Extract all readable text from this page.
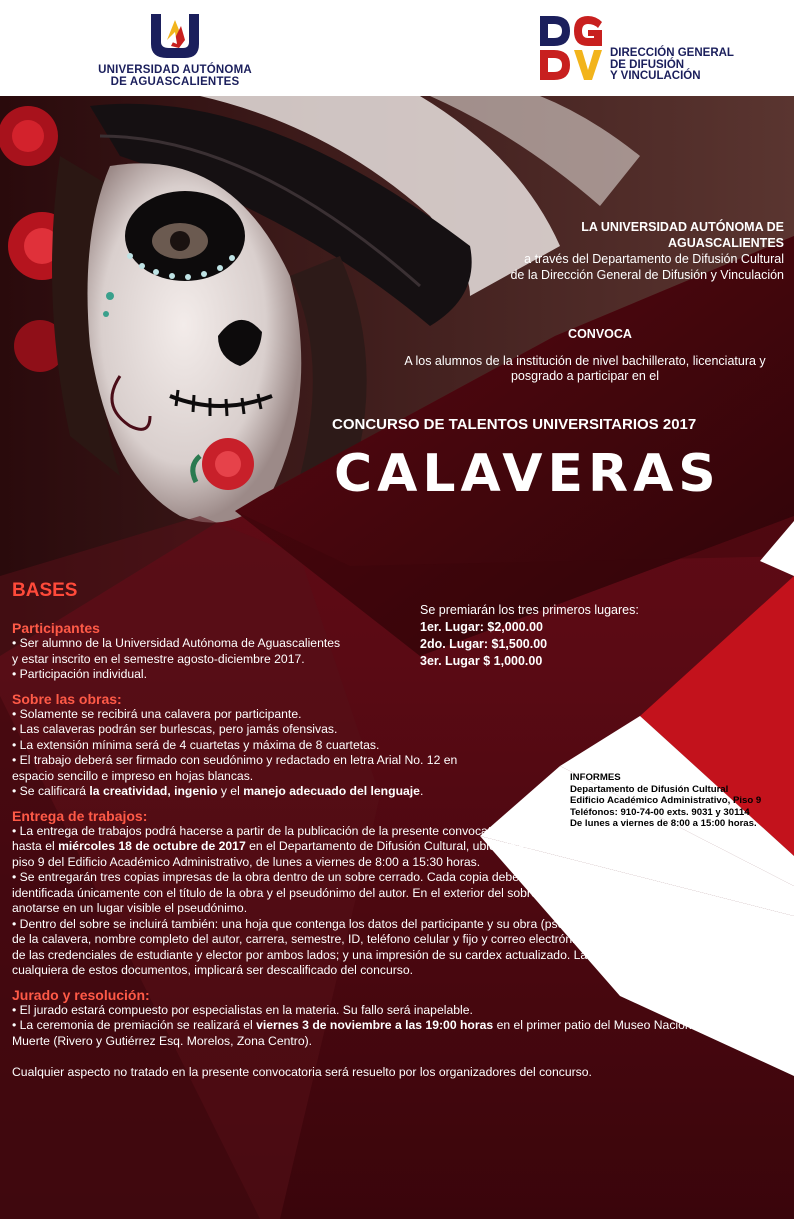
UNIVERSIDAD AUTÓNOMA
DE AGUASCALIENTES
DIRECCIÓN GENERAL
DE DIFUSIÓN
Y VINCULACIÓN
LA UNIVERSIDAD AUTÓNOMA DE
AGUASCALIENTES
a través del Departamento de Difusión Cultural
de la Dirección General de Difusión y Vinculación
CONVOCA
A los alumnos de la institución de nivel bachillerato, licenciatura y
posgrado a participar en el
CONCURSO DE TALENTOS UNIVERSITARIOS 2017
CALAVERAS
Se premiarán los tres primeros lugares:
1er. Lugar: $2,000.00
2do. Lugar: $1,500.00
3er. Lugar $ 1,000.00
INFORMES
Departamento de Difusión Cultural
Edificio Académico Administrativo, Piso 9
Teléfonos: 910-74-00 exts. 9031 y 30114
De lunes a viernes de 8:00 a 15:00 horas.
BASES
Participantes

• Ser alumno de la Universidad Autónoma de Aguascalientes

y estar inscrito en el semestre agosto-diciembre 2017.

• Participación individual.

Sobre las obras:

• Solamente se recibirá una calavera por participante.

• Las calaveras podrán ser burlescas, pero jamás ofensivas.

• La extensión mínima será de 4 cuartetas y máxima de 8 cuartetas.

• El trabajo deberá ser firmado con seudónimo y redactado en letra Arial No. 12 en

espacio sencillo e impreso en hojas blancas.

• Se calificará la creatividad, ingenio y el manejo adecuado del lenguaje.

Entrega de trabajos:

• La entrega de trabajos podrá hacerse a partir de la publicación de la presente convocatoria y

hasta el miércoles 18 de octubre de 2017 en el Departamento de Difusión Cultural, ubicado en el

piso 9 del Edificio Académico Administrativo, de lunes a viernes de 8:00 a 15:30 horas.

• Se entregarán tres copias impresas de la obra dentro de un sobre cerrado. Cada copia debe estar

identificada únicamente con el título de la obra y el pseudónimo del autor. En el exterior del sobre deberá

anotarse en un lugar visible el pseudónimo.

• Dentro del sobre se incluirá también: una hoja que contenga los datos del participante y su obra (pseudónimo, título

de la calavera, nombre completo del autor, carrera, semestre, ID, teléfono celular y fijo y correo electrónico); una copia

de las credenciales de estudiante y elector por ambos lados; y una impresión de su cardex actualizado. La ausencia de

cualquiera de estos documentos, implicará ser descalificado del concurso.

Jurado y resolución:

• El jurado estará compuesto por especialistas en la materia. Su fallo será inapelable.

• La ceremonia de premiación se realizará el viernes 3 de noviembre a las 19:00 horas en el primer patio del Museo Nacional de la

Muerte (Rivero y Gutiérrez Esq. Morelos, Zona Centro).

Cualquier aspecto no tratado en la presente convocatoria será resuelto por los organizadores del concurso.
